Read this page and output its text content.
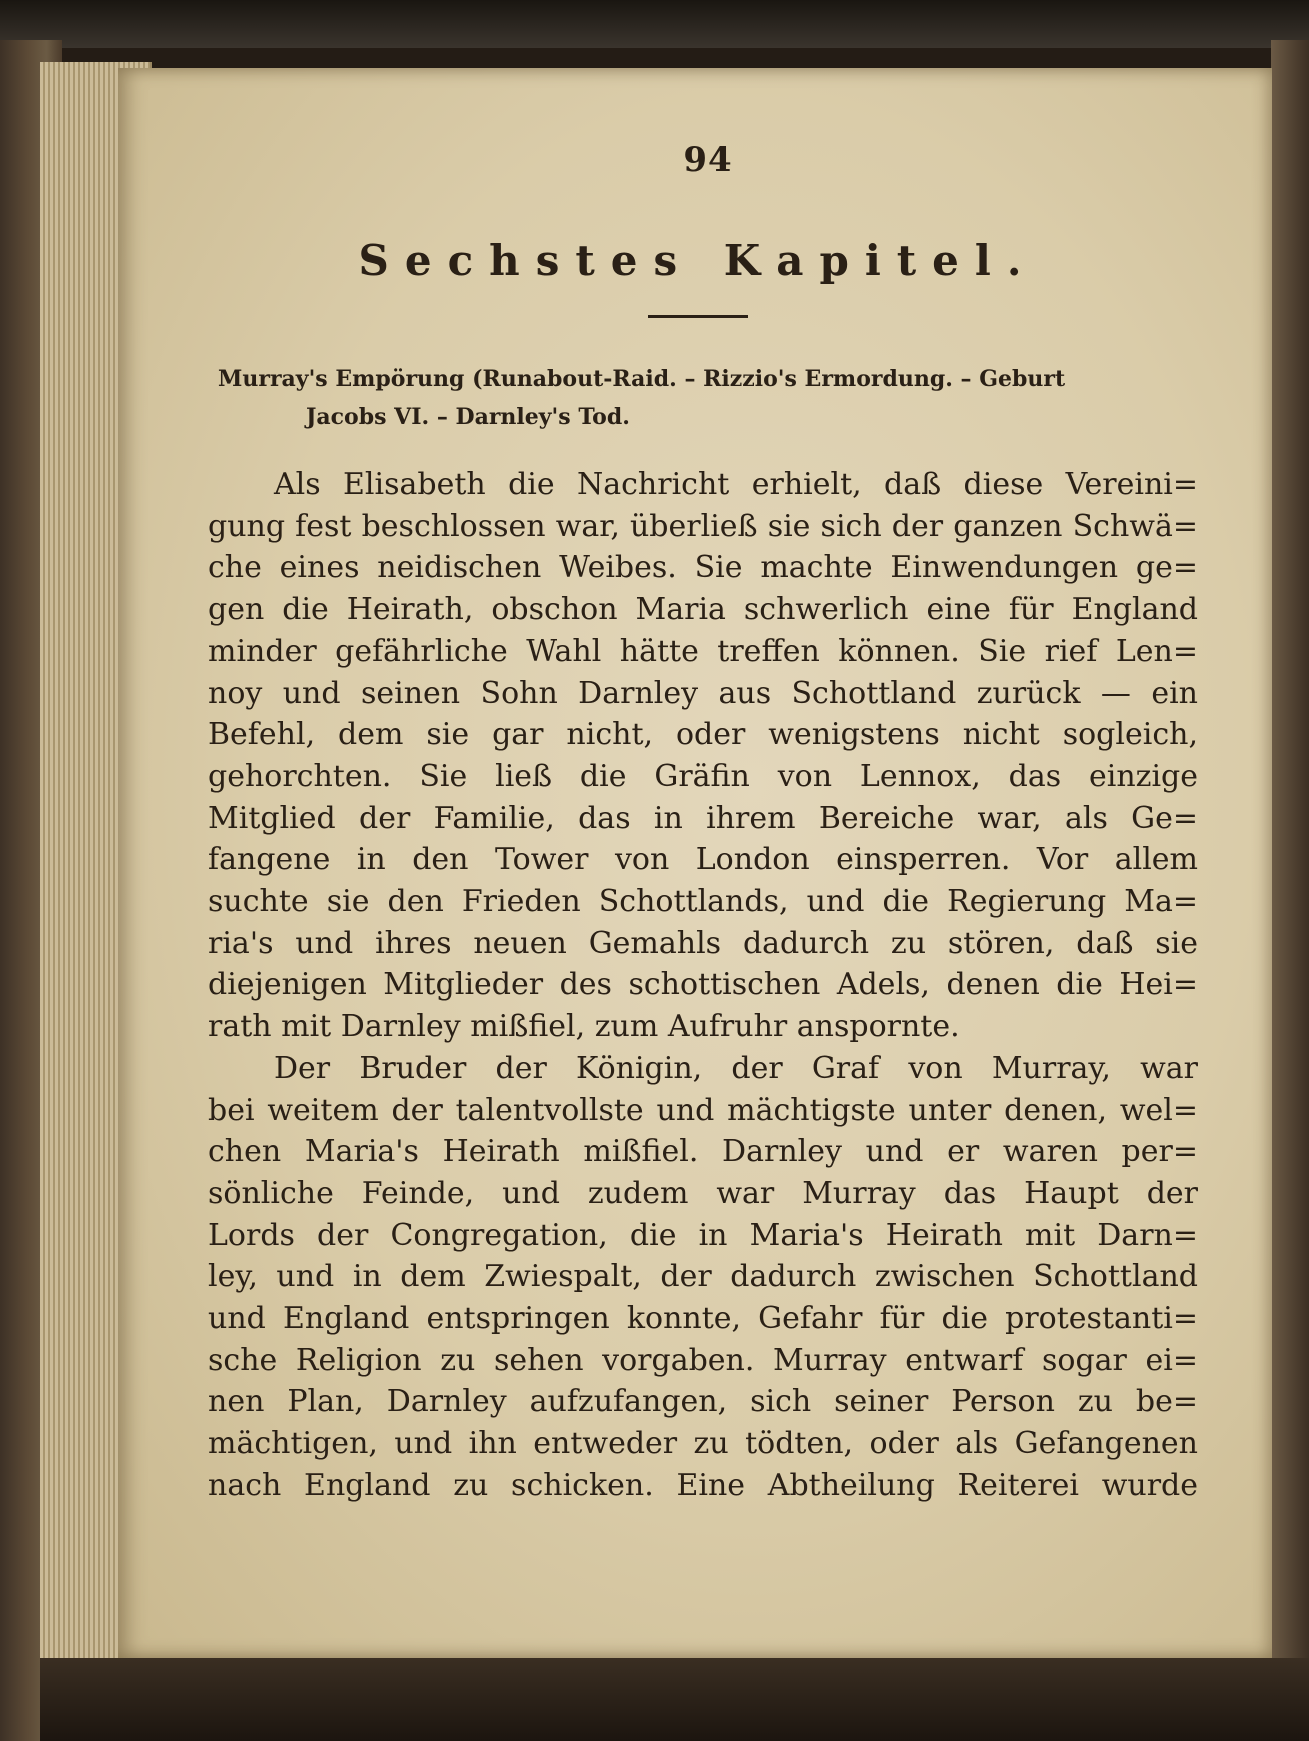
94
Sechstes Kapitel.
Murray's Empörung (Runabout-Raid. – Rizzio's Ermordung. – Geburt
Jacobs VI. – Darnley's Tod.
Als Elisabeth die Nachricht erhielt, daß diese Vereini=
gung fest beschlossen war, überließ sie sich der ganzen Schwä=
che eines neidischen Weibes. Sie machte Einwendungen ge=
gen die Heirath, obschon Maria schwerlich eine für England
minder gefährliche Wahl hätte treffen können. Sie rief Len=
noy und seinen Sohn Darnley aus Schottland zurück — ein
Befehl, dem sie gar nicht, oder wenigstens nicht sogleich,
gehorchten. Sie ließ die Gräfin von Lennox, das einzige
Mitglied der Familie, das in ihrem Bereiche war, als Ge=
fangene in den Tower von London einsperren. Vor allem
suchte sie den Frieden Schottlands, und die Regierung Ma=
ria's und ihres neuen Gemahls dadurch zu stören, daß sie
diejenigen Mitglieder des schottischen Adels, denen die Hei=
rath mit Darnley mißfiel, zum Aufruhr anspornte.
Der Bruder der Königin, der Graf von Murray, war
bei weitem der talentvollste und mächtigste unter denen, wel=
chen Maria's Heirath mißfiel. Darnley und er waren per=
sönliche Feinde, und zudem war Murray das Haupt der
Lords der Congregation, die in Maria's Heirath mit Darn=
ley, und in dem Zwiespalt, der dadurch zwischen Schottland
und England entspringen konnte, Gefahr für die protestanti=
sche Religion zu sehen vorgaben. Murray entwarf sogar ei=
nen Plan, Darnley aufzufangen, sich seiner Person zu be=
mächtigen, und ihn entweder zu tödten, oder als Gefangenen
nach England zu schicken. Eine Abtheilung Reiterei wurde
